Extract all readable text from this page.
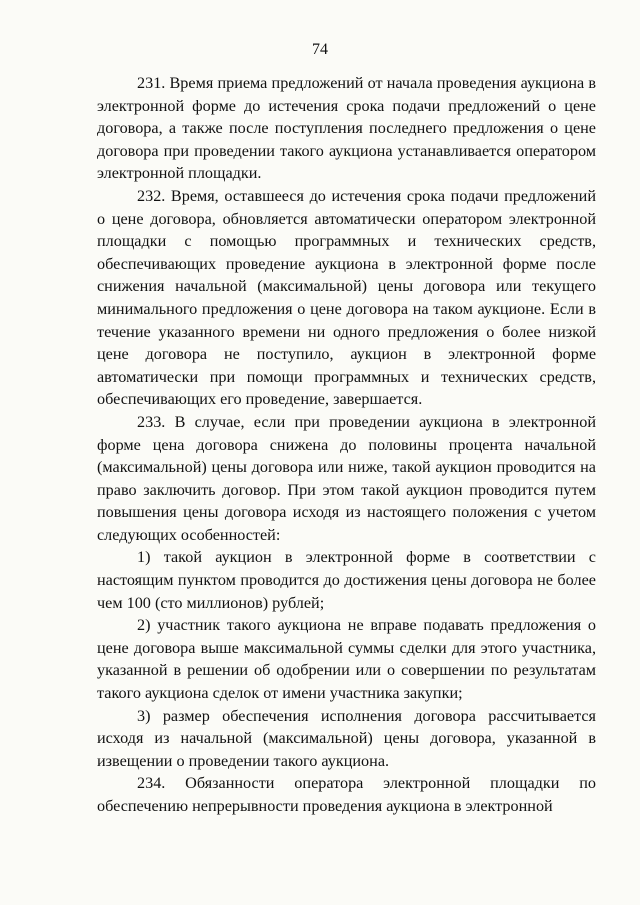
74

231. Время приема предложений от начала проведения аукциона в электронной форме до истечения срока подачи предложений о цене договора, а также после поступления последнего предложения о цене договора при проведении такого аукциона устанавливается оператором электронной площадки.

232. Время, оставшееся до истечения срока подачи предложений о цене договора, обновляется автоматически оператором электронной площадки с помощью программных и технических средств, обеспечивающих проведение аукциона в электронной форме после снижения начальной (максимальной) цены договора или текущего минимального предложения о цене договора на таком аукционе. Если в течение указанного времени ни одного предложения о более низкой цене договора не поступило, аукцион в электронной форме автоматически при помощи программных и технических средств, обеспечивающих его проведение, завершается.

233. В случае, если при проведении аукциона в электронной форме цена договора снижена до половины процента начальной (максимальной) цены договора или ниже, такой аукцион проводится на право заключить договор. При этом такой аукцион проводится путем повышения цены договора исходя из настоящего положения с учетом следующих особенностей:

1) такой аукцион в электронной форме в соответствии с настоящим пунктом проводится до достижения цены договора не более чем 100 (сто миллионов) рублей;

2) участник такого аукциона не вправе подавать предложения о цене договора выше максимальной суммы сделки для этого участника, указанной в решении об одобрении или о совершении по результатам такого аукциона сделок от имени участника закупки;

3) размер обеспечения исполнения договора рассчитывается исходя из начальной (максимальной) цены договора, указанной в извещении о проведении такого аукциона.

234. Обязанности оператора электронной площадки по обеспечению непрерывности проведения аукциона в электронной
